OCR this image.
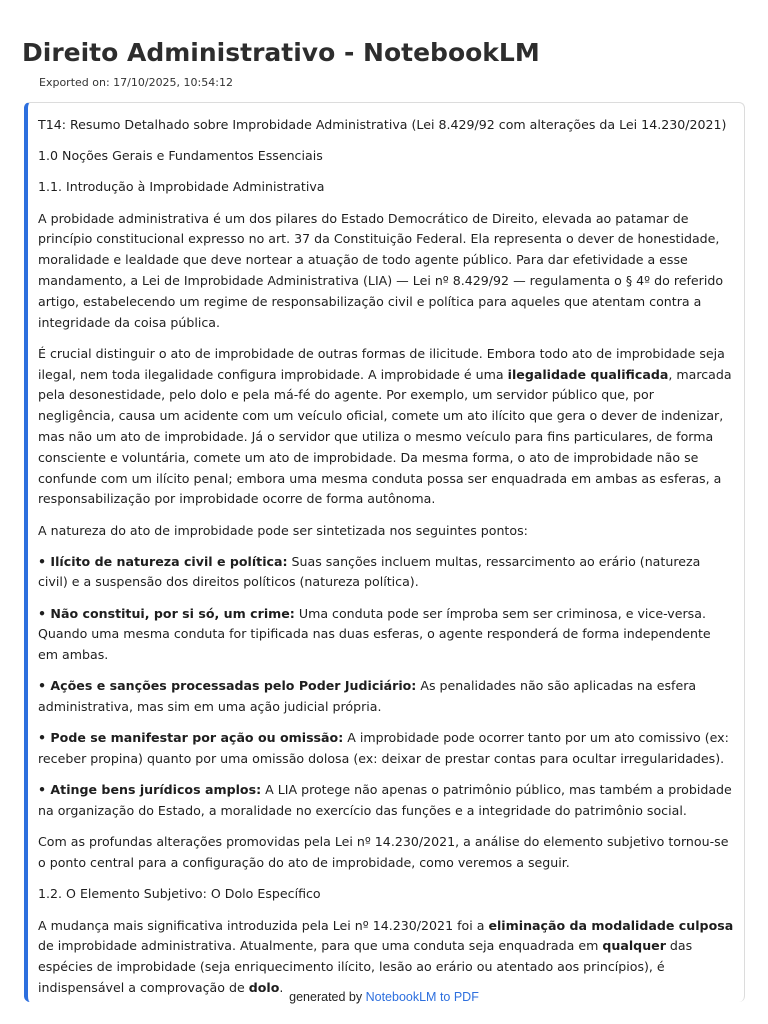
Direito Administrativo - NotebookLM
Exported on: 17/10/2025, 10:54:12

T14: Resumo Detalhado sobre Improbidade Administrativa (Lei 8.429/92 com alterações da Lei 14.230/2021)

1.0 Noções Gerais e Fundamentos Essenciais

1.1. Introdução à Improbidade Administrativa

A probidade administrativa é um dos pilares do Estado Democrático de Direito, elevada ao patamar de princípio constitucional expresso no art. 37 da Constituição Federal. Ela representa o dever de honestidade, moralidade e lealdade que deve nortear a atuação de todo agente público. Para dar efetividade a esse mandamento, a Lei de Improbidade Administrativa (LIA) — Lei nº 8.429/92 — regulamenta o § 4º do referido artigo, estabelecendo um regime de responsabilização civil e política para aqueles que atentam contra a integridade da coisa pública.

É crucial distinguir o ato de improbidade de outras formas de ilicitude. Embora todo ato de improbidade seja ilegal, nem toda ilegalidade configura improbidade. A improbidade é uma ilegalidade qualificada, marcada pela desonestidade, pelo dolo e pela má-fé do agente. Por exemplo, um servidor público que, por negligência, causa um acidente com um veículo oficial, comete um ato ilícito que gera o dever de indenizar, mas não um ato de improbidade. Já o servidor que utiliza o mesmo veículo para fins particulares, de forma consciente e voluntária, comete um ato de improbidade. Da mesma forma, o ato de improbidade não se confunde com um ilícito penal; embora uma mesma conduta possa ser enquadrada em ambas as esferas, a responsabilização por improbidade ocorre de forma autônoma.

A natureza do ato de improbidade pode ser sintetizada nos seguintes pontos:

• Ilícito de natureza civil e política: Suas sanções incluem multas, ressarcimento ao erário (natureza civil) e a suspensão dos direitos políticos (natureza política).

• Não constitui, por si só, um crime: Uma conduta pode ser ímproba sem ser criminosa, e vice-versa. Quando uma mesma conduta for tipificada nas duas esferas, o agente responderá de forma independente em ambas.

• Ações e sanções processadas pelo Poder Judiciário: As penalidades não são aplicadas na esfera administrativa, mas sim em uma ação judicial própria.

• Pode se manifestar por ação ou omissão: A improbidade pode ocorrer tanto por um ato comissivo (ex: receber propina) quanto por uma omissão dolosa (ex: deixar de prestar contas para ocultar irregularidades).

• Atinge bens jurídicos amplos: A LIA protege não apenas o patrimônio público, mas também a probidade na organização do Estado, a moralidade no exercício das funções e a integridade do patrimônio social.

Com as profundas alterações promovidas pela Lei nº 14.230/2021, a análise do elemento subjetivo tornou-se o ponto central para a configuração do ato de improbidade, como veremos a seguir.

1.2. O Elemento Subjetivo: O Dolo Específico

A mudança mais significativa introduzida pela Lei nº 14.230/2021 foi a eliminação da modalidade culposa de improbidade administrativa. Atualmente, para que uma conduta seja enquadrada em qualquer das espécies de improbidade (seja enriquecimento ilícito, lesão ao erário ou atentado aos princípios), é indispensável a comprovação de dolo.

generated by NotebookLM to PDF
